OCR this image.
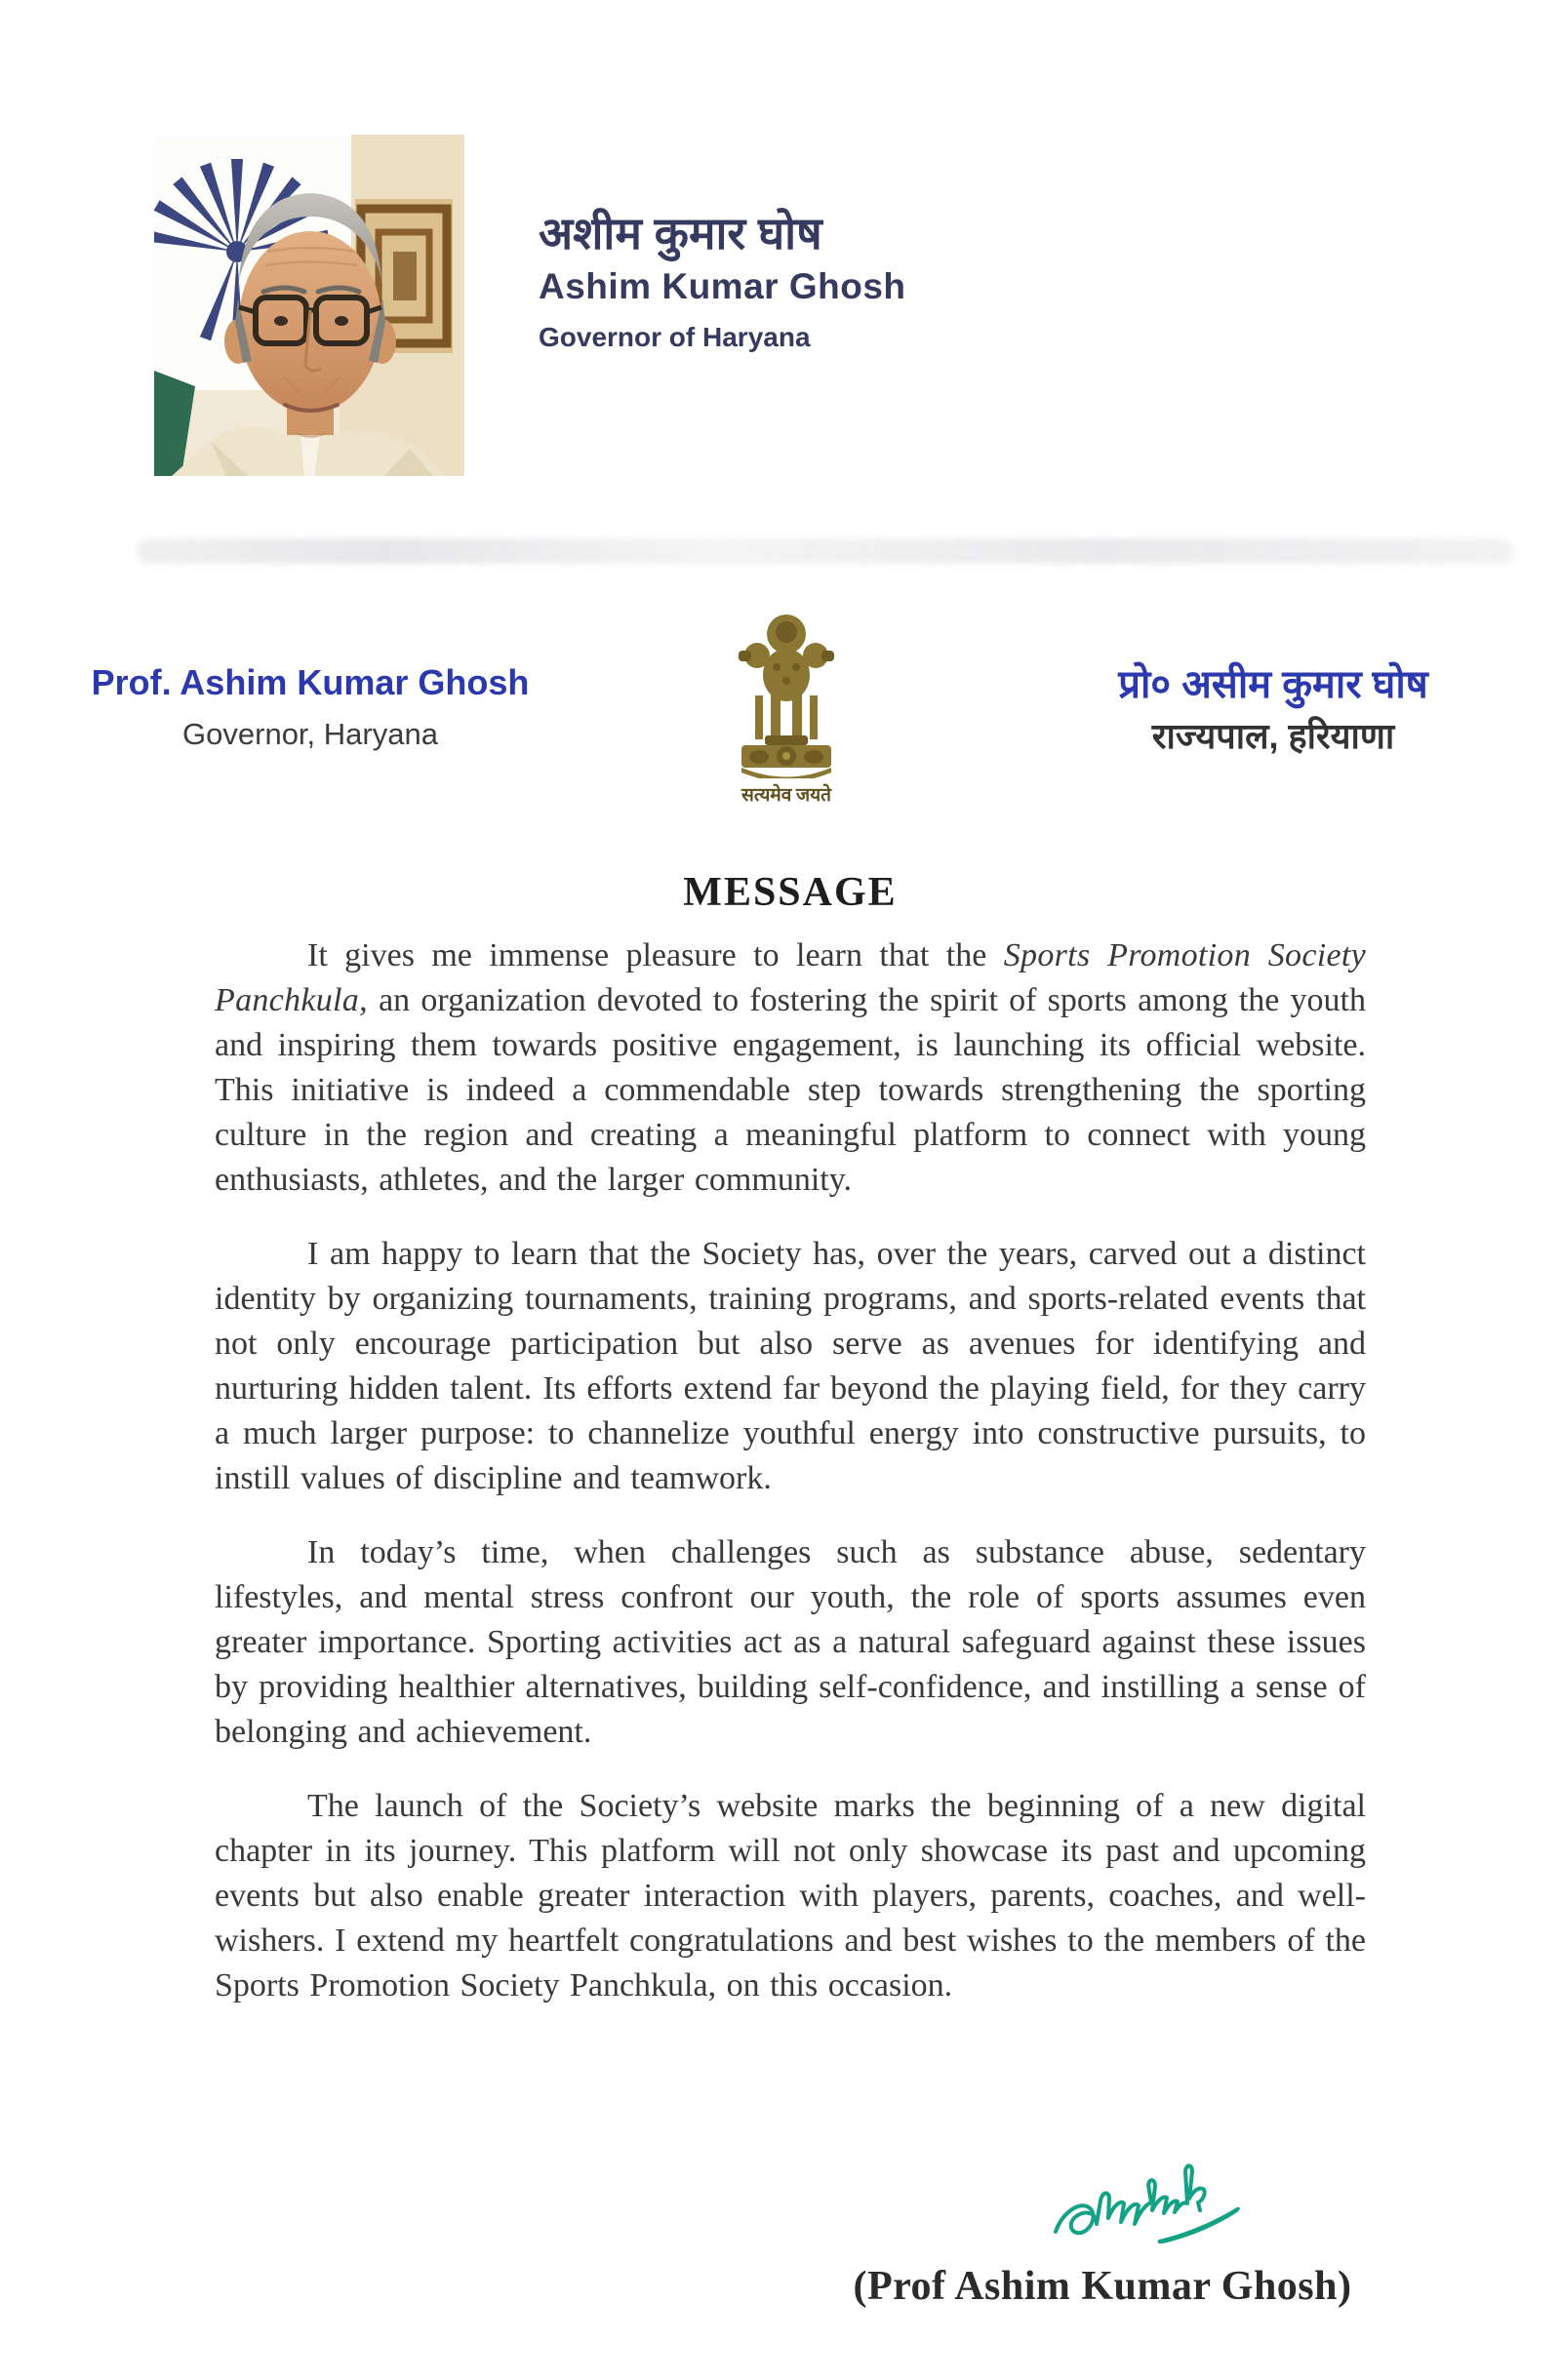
अशीम कुमार घोष
Ashim Kumar Ghosh
Governor of Haryana
Prof. Ashim Kumar Ghosh
Governor, Haryana
सत्यमेव जयते
प्रो० असीम कुमार घोष
राज्यपाल, हरियाणा
MESSAGE

It gives me immense pleasure to learn that the Sports Promotion Society Panchkula, an organization devoted to fostering the spirit of sports among the youth and inspiring them towards positive engagement, is launching its official website. This initiative is indeed a commendable step towards strengthening the sporting culture in the region and creating a meaningful platform to connect with young enthusiasts, athletes, and the larger community.

I am happy to learn that the Society has, over the years, carved out a distinct identity by organizing tournaments, training programs, and sports-related events that not only encourage participation but also serve as avenues for identifying and nurturing hidden talent. Its efforts extend far beyond the playing field, for they carry a much larger purpose: to channelize youthful energy into constructive pursuits, to instill values of discipline and teamwork.

In today’s time, when challenges such as substance abuse, sedentary lifestyles, and mental stress confront our youth, the role of sports assumes even greater importance. Sporting activities act as a natural safeguard against these issues by providing healthier alternatives, building self-confidence, and instilling a sense of belonging and achievement.

The launch of the Society’s website marks the beginning of a new digital chapter in its journey. This platform will not only showcase its past and upcoming events but also enable greater interaction with players, parents, coaches, and well-wishers. I extend my heartfelt congratulations and best wishes to the members of the Sports Promotion Society Panchkula, on this occasion.

(Prof Ashim Kumar Ghosh)
